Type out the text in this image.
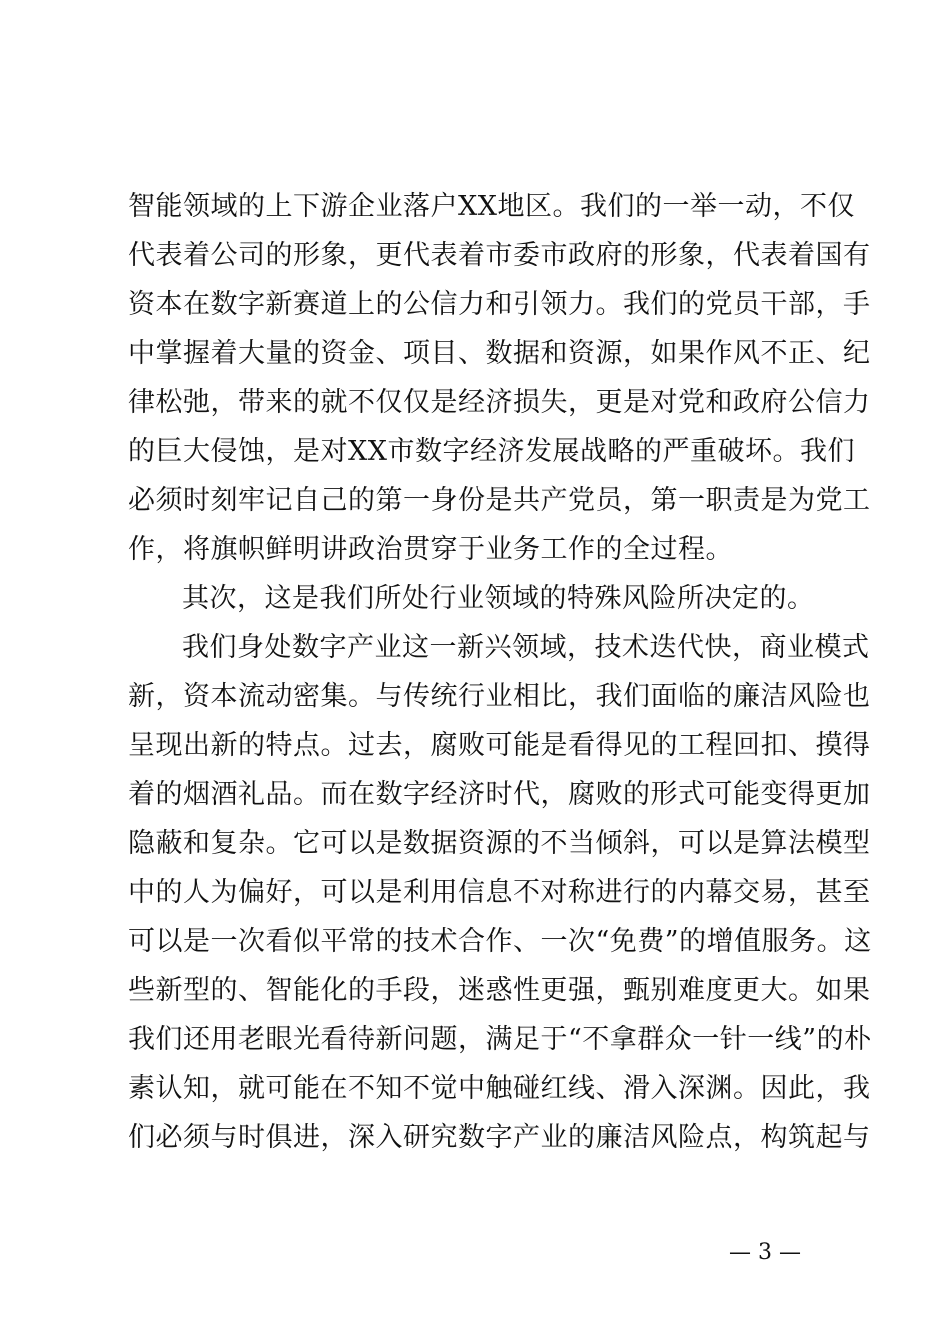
智能领域的上下游企业落户XX地区。我们的一举一动，不仅
代表着公司的形象，更代表着市委市政府的形象，代表着国有
资本在数字新赛道上的公信力和引领力。我们的党员干部，手
中掌握着大量的资金、项目、数据和资源，如果作风不正、纪
律松弛，带来的就不仅仅是经济损失，更是对党和政府公信力
的巨大侵蚀，是对XX市数字经济发展战略的严重破坏。我们
必须时刻牢记自己的第一身份是共产党员，第一职责是为党工
作，将旗帜鲜明讲政治贯穿于业务工作的全过程。
其次，这是我们所处行业领域的特殊风险所决定的。
我们身处数字产业这一新兴领域，技术迭代快，商业模式
新，资本流动密集。与传统行业相比，我们面临的廉洁风险也
呈现出新的特点。过去，腐败可能是看得见的工程回扣、摸得
着的烟酒礼品。而在数字经济时代，腐败的形式可能变得更加
隐蔽和复杂。它可以是数据资源的不当倾斜，可以是算法模型
中的人为偏好，可以是利用信息不对称进行的内幕交易，甚至
可以是一次看似平常的技术合作、一次“免费”的增值服务。这
些新型的、智能化的手段，迷惑性更强，甄别难度更大。如果
我们还用老眼光看待新问题，满足于“不拿群众一针一线”的朴
素认知，就可能在不知不觉中触碰红线、滑入深渊。因此，我
们必须与时俱进，深入研究数字产业的廉洁风险点，构筑起与
— 3 —
